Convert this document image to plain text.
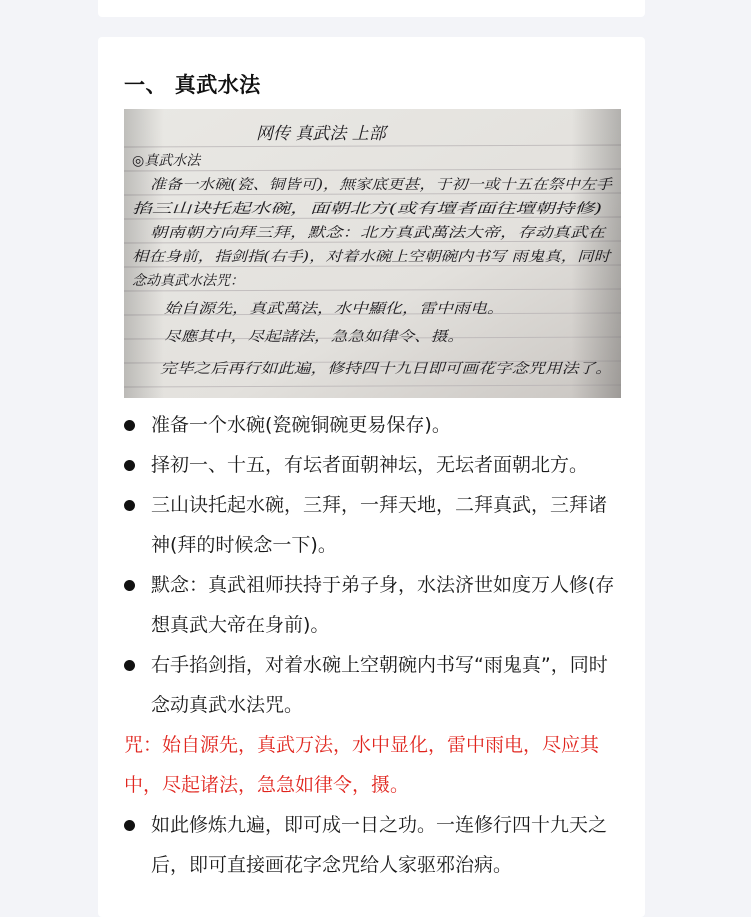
一、 真武水法

准备一个水碗(瓷碗铜碗更易保存)。

择初一、十五，有坛者面朝神坛，无坛者面朝北方。

三山诀托起水碗，三拜，一拜天地，二拜真武，三拜诸神(拜的时候念一下)。

默念：真武祖师扶持于弟子身，水法济世如度万人修(存想真武大帝在身前)。

右手掐剑指，对着水碗上空朝碗内书写“雨鬼真”，同时念动真武水法咒。

咒：始自源先，真武万法，水中显化，雷中雨电，尽应其中，尽起诸法，急急如律令，摄。

如此修炼九遍，即可成一日之功。一连修行四十九天之后，即可直接画花字念咒给人家驱邪治病。
